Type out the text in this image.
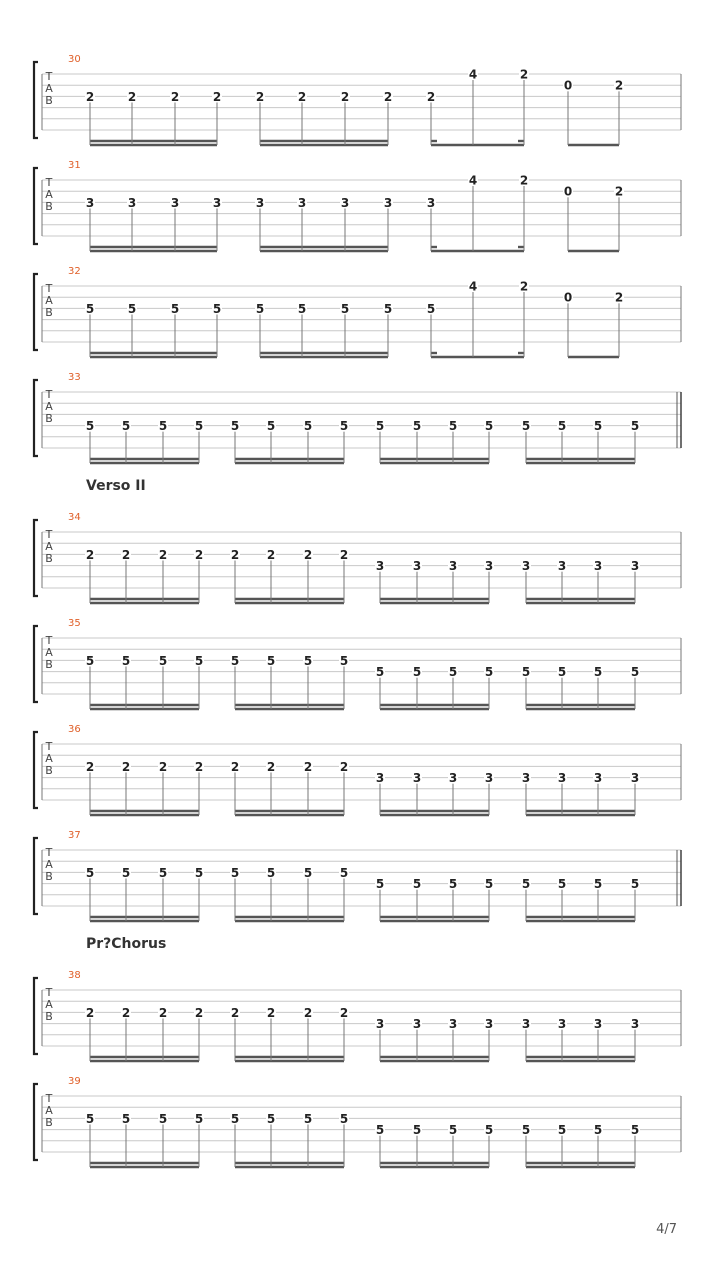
30
T
A
B	2	2	2	2	2	2	2	2	2
4	2
0	2
31
T
A
B	3	3	3	3	3	3	3	3	3
4	2
0	2
32
T
A
B	5	5	5	5	5	5	5	5	5
4	2
0	2
33
T
A
B
5 5 5 5 5 5 5 5 5 5 5 5 5 5 5 5
34
T
A
B	2 2 2 2 2 2 2 2
3 3 3 3 3 3 3 3
35
T
A
B	5 5 5 5 5 5 5 5
5 5 5 5 5 5 5 5
36
T
A
B	2 2 2 2 2 2 2 2
3 3 3 3 3 3 3 3
37
T
A
B	5 5 5 5 5 5 5 5
5 5 5 5 5 5 5 5
38
T
A
B	2 2 2 2 2 2 2 2
3 3 3 3 3 3 3 3
39
T
A
B	5 5 5 5 5 5 5 5
5 5 5 5 5 5 5 5
Verso II
Pr?Chorus
4/7
